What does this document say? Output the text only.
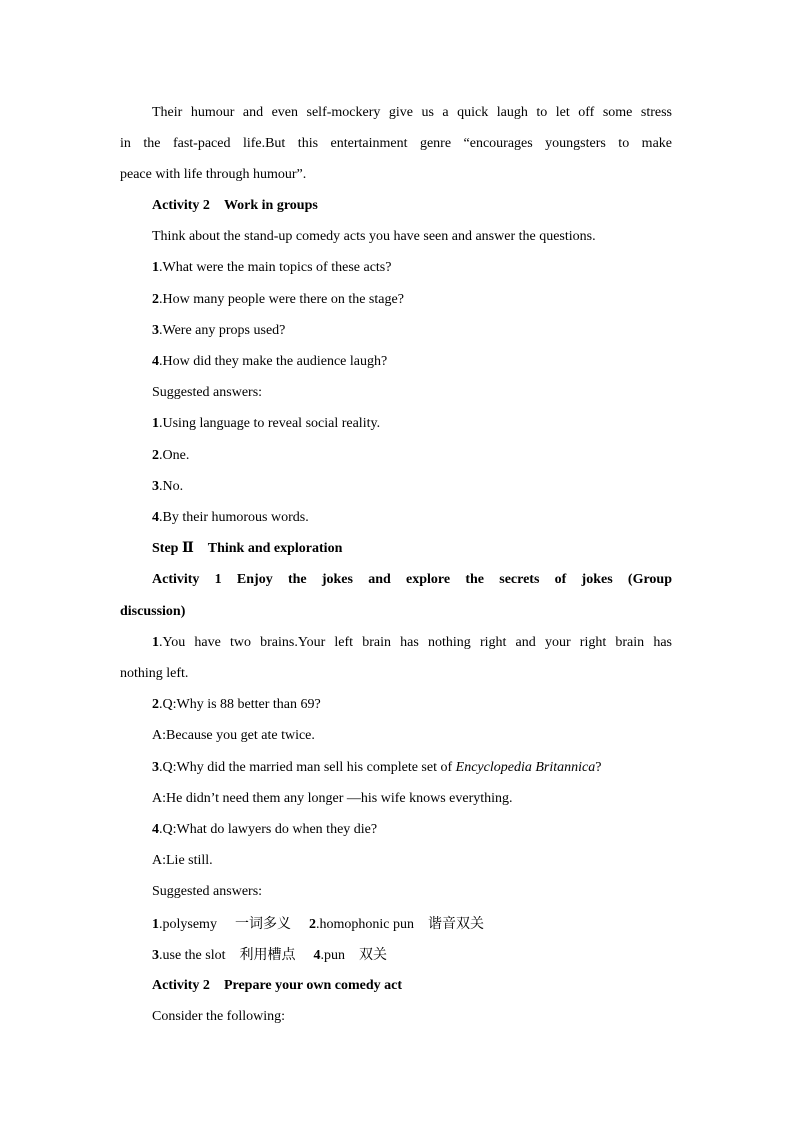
Their humour and even self-mockery give us a quick laugh to let off some stress
in the fast-paced life.But this entertainment genre “encourages youngsters to make
peace with life through humour”.
Activity 2 Work in groups
Think about the stand-up comedy acts you have seen and answer the questions.
1.What were the main topics of these acts?
2.How many people were there on the stage?
3.Were any props used?
4.How did they make the audience laugh?
Suggested answers:
1.Using language to reveal social reality.
2.One.
3.No.
4.By their humorous words.
Step Ⅱ Think and exploration
Activity 1 Enjoy the jokes and explore the secrets of jokes (Group
discussion)
1.You have two brains.Your left brain has nothing right and your right brain has
nothing left.
2.Q:Why is 88 better than 69?
A:Because you get ate twice.
3.Q:Why did the married man sell his complete set of Encyclopedia Britannica?
A:He didn’t need them any longer —his wife knows everything.
4.Q:What do lawyers do when they die?
A:Lie still.
Suggested answers:
1.polysemy 一词多义 2.homophonic pun 谐音双关
3.use the slot 利用槽点 4.pun 双关
Activity 2 Prepare your own comedy act
Consider the following:
